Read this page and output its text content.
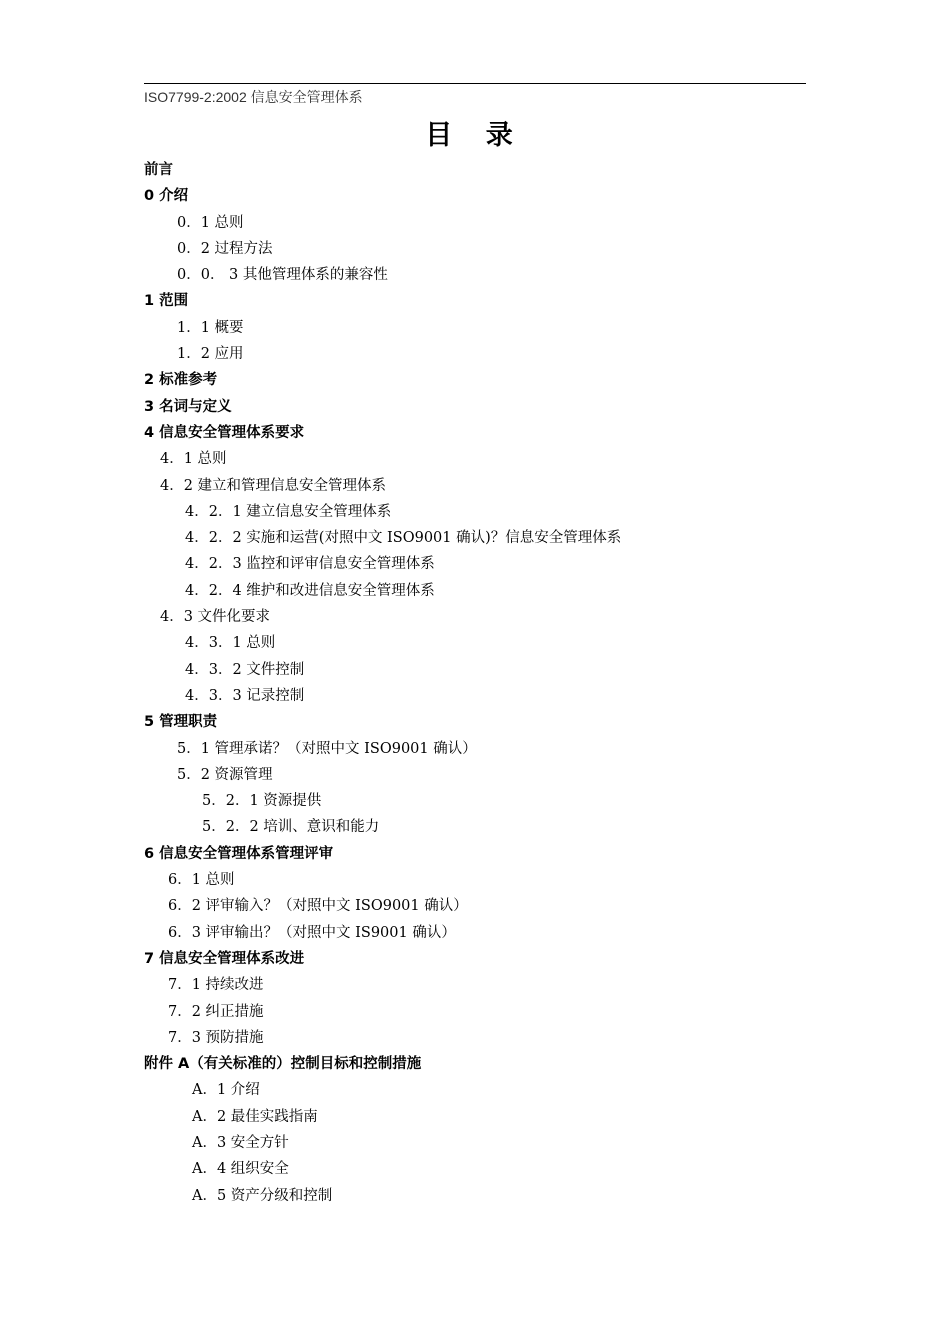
ISO7799-2:2002 信息安全管理体系
目 录
前言
0 介绍
0．1 总则
0．2 过程方法
0．0． 3 其他管理体系的兼容性
1 范围
1．1 概要
1．2 应用
2 标准参考
3 名词与定义
4 信息安全管理体系要求
4．1 总则
4．2 建立和管理信息安全管理体系
4．2．1 建立信息安全管理体系
4．2．2 实施和运营(对照中文 ISO9001 确认)？信息安全管理体系
4．2．3 监控和评审信息安全管理体系
4．2．4 维护和改进信息安全管理体系
4．3 文件化要求
4．3．1 总则
4．3．2 文件控制
4．3．3 记录控制
5 管理职责
5．1 管理承诺？（对照中文 ISO9001 确认）
5．2 资源管理
5．2．1 资源提供
5．2．2 培训、意识和能力
6 信息安全管理体系管理评审
6．1 总则
6．2 评审输入？（对照中文 ISO9001 确认）
6．3 评审输出？（对照中文 IS9001 确认）
7 信息安全管理体系改进
7．1 持续改进
7．2 纠正措施
7．3 预防措施
附件 A（有关标准的）控制目标和控制措施
A．1 介绍
A．2 最佳实践指南
A．3 安全方针
A．4 组织安全
A．5 资产分级和控制
